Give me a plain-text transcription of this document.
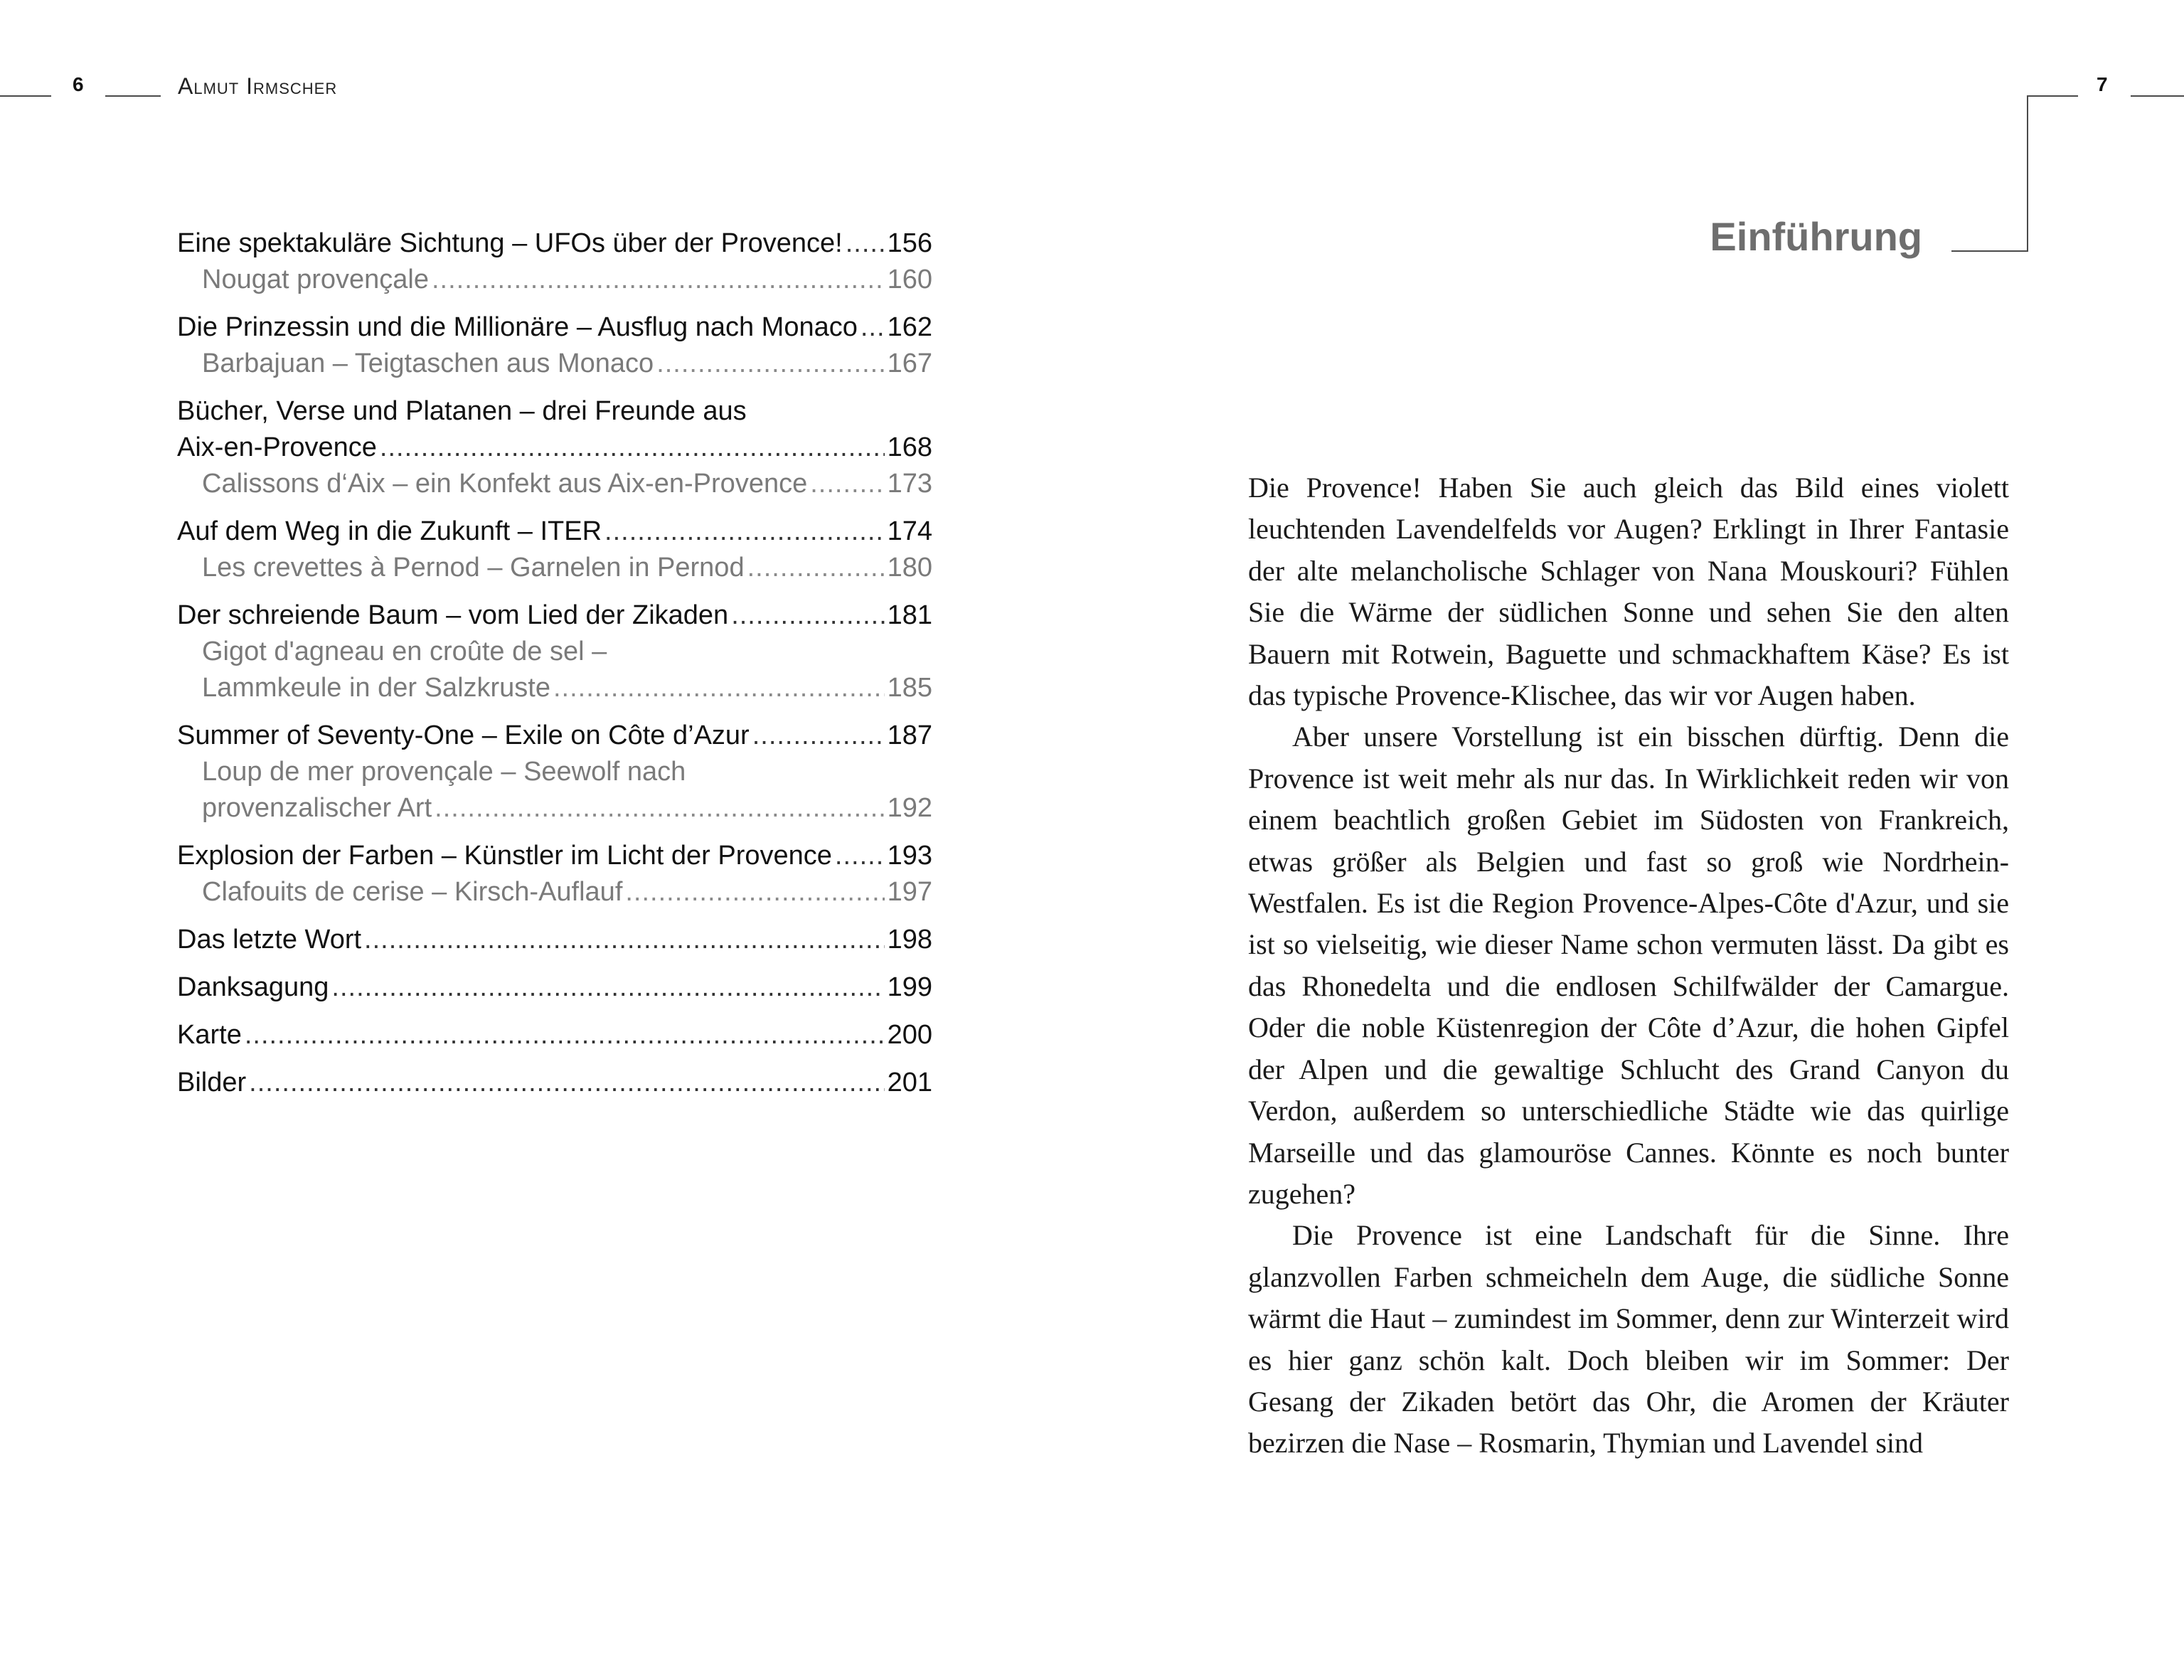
6	Almut Irmscher	7
Eine spektakuläre Sichtung – UFOs über der Provence! ..... 156
Nougat provençale .....	160
Die Prinzessin und die Millionäre – Ausflug nach Monaco ..... 162
Barbajuan – Teigtaschen aus Monaco .....	167
Bücher, Verse und Platanen – drei Freunde aus
Aix-en-Provence .....	168
Calissons d‘Aix – ein Konfekt aus Aix-en-Provence .....	173
Auf dem Weg in die Zukunft – ITER .....	174
Les crevettes à Pernod – Garnelen in Pernod .....	180
Der schreiende Baum – vom Lied der Zikaden .....	181
Gigot d'agneau en croûte de sel –
Lammkeule in der Salzkruste .....	185
Summer of Seventy-One – Exile on Côte d’Azur .....	187
Loup de mer provençale – Seewolf nach
provenzalischer Art .....	192
Explosion der Farben – Künstler im Licht der Provence ..... 193
Clafouits de cerise – Kirsch-Auflauf .....	197
Das letzte Wort .....	198
Danksagung .....	199
Karte .....	200
Bilder .....	201
Einführung

Die Provence! Haben Sie auch gleich das Bild eines violett leuchtenden Lavendelfelds vor Augen? Erklingt in Ihrer Fantasie der alte melancholische Schlager von Nana Mouskouri? Fühlen Sie die Wärme der südlichen Sonne und sehen Sie den alten Bauern mit Rotwein, Baguette und schmackhaftem Käse? Es ist das typische Provence-Klischee, das wir vor Augen haben.

Aber unsere Vorstellung ist ein bisschen dürftig. Denn die Provence ist weit mehr als nur das. In Wirklichkeit reden wir von einem beachtlich großen Gebiet im Südosten von Frankreich, etwas größer als Belgien und fast so groß wie Nordrhein-Westfalen. Es ist die Region Provence-Alpes-Côte d'Azur, und sie ist so vielseitig, wie dieser Name schon vermuten lässt. Da gibt es das Rhonedelta und die endlosen Schilfwälder der Camargue. Oder die noble Küstenregion der Côte d’Azur, die hohen Gipfel der Alpen und die gewaltige Schlucht des Grand Canyon du Verdon, außerdem so unterschiedliche Städte wie das quirlige Marseille und das glamouröse Cannes. Könnte es noch bunter zugehen?

Die Provence ist eine Landschaft für die Sinne. Ihre glanzvollen Farben schmeicheln dem Auge, die südliche Sonne wärmt die Haut – zumindest im Sommer, denn zur Winterzeit wird es hier ganz schön kalt. Doch bleiben wir im Sommer: Der Gesang der Zikaden betört das Ohr, die Aromen der Kräuter bezirzen die Nase – Rosmarin, Thymian und Lavendel sind
